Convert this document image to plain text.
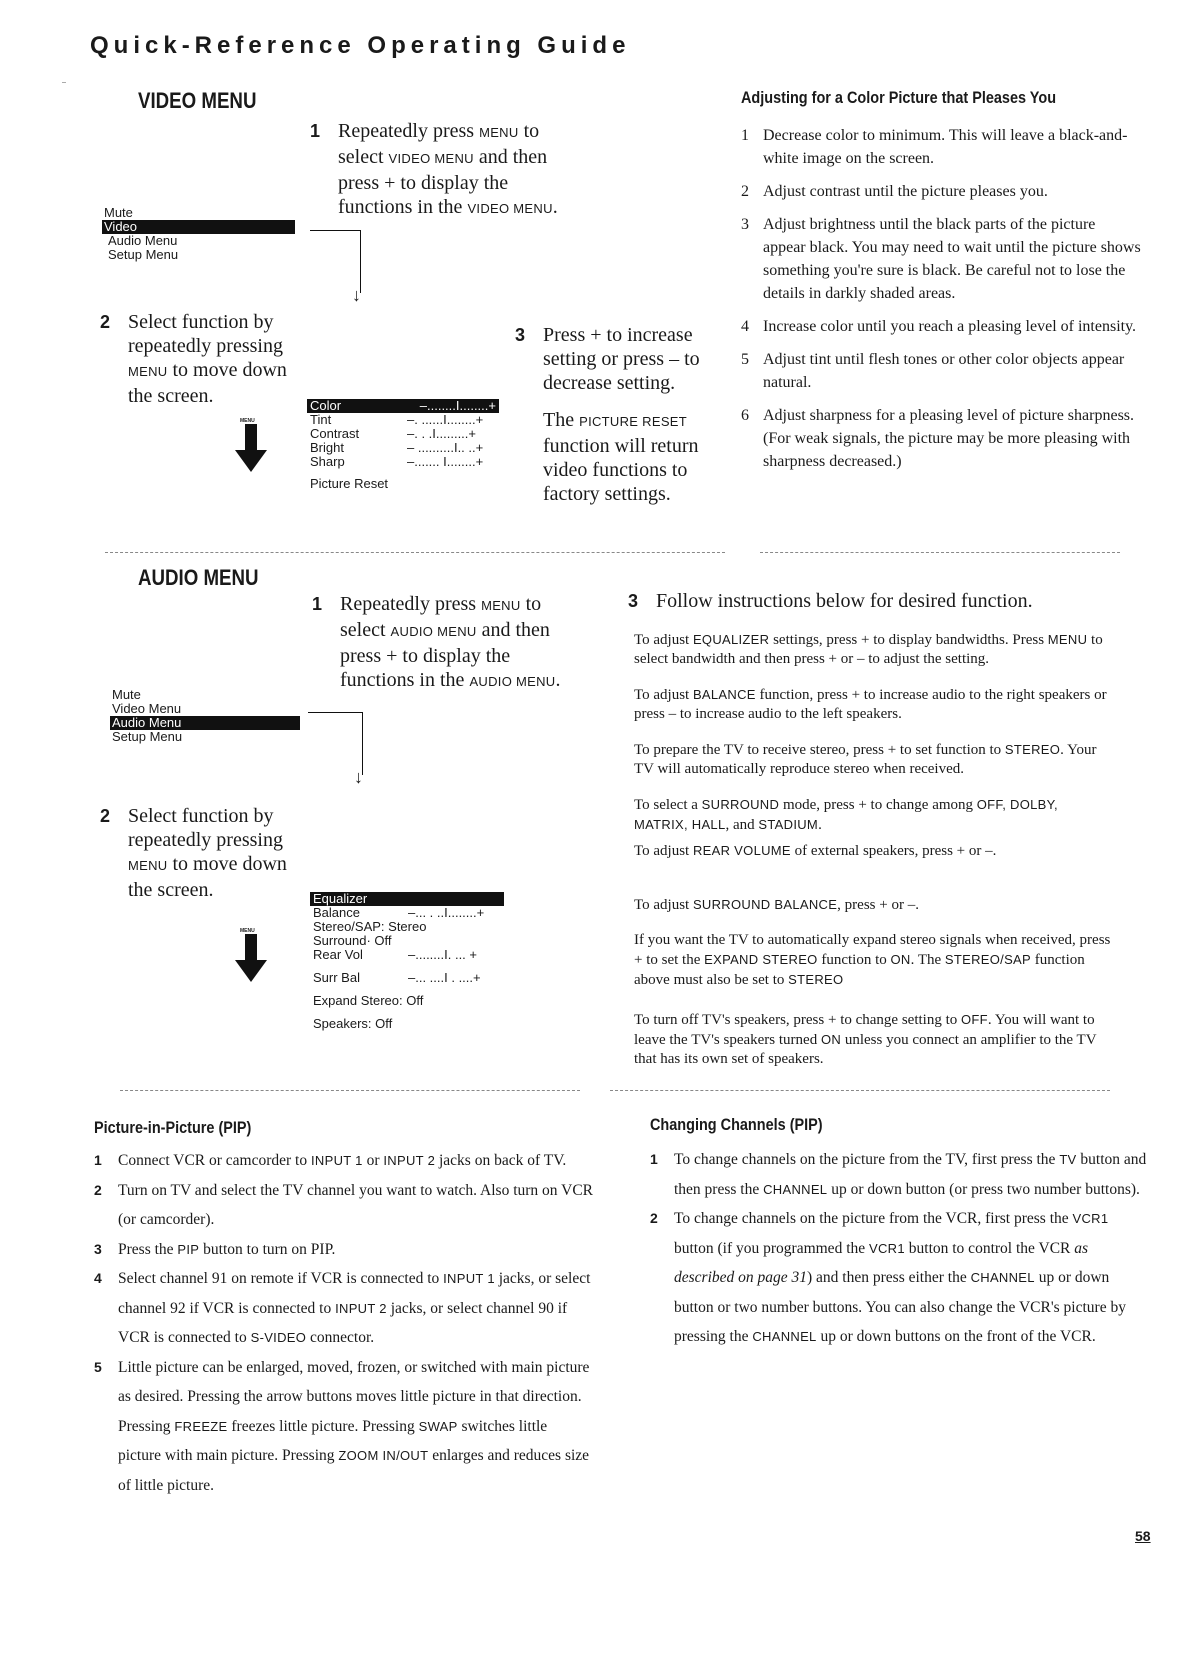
Quick-Reference Operating Guide
VIDEO MENU
1 Repeatedly press MENU to select VIDEO MENU and then press + to display the functions in the VIDEO MENU.
Mute
Video
Audio Menu
Setup Menu
↓
2 Select function by repeatedly pressing MENU to move down the screen.
MENU
Color	–........I........+
Tint	–. ......I........+
Contrast	–. . .I.........+
Bright	– ..........I.. ..+
Sharp	–....... I........+
Picture Reset
3 Press + to increase setting or press – to decrease setting.
The PICTURE RESET function will return video functions to factory settings.
Adjusting for a Color Picture that Pleases You
1 Decrease color to minimum. This will leave a black-and-white image on the screen.
2 Adjust contrast until the picture pleases you.
3 Adjust brightness until the black parts of the picture appear black. You may need to wait until the picture shows something you're sure is black. Be careful not to lose the details in darkly shaded areas.
4 Increase color until you reach a pleasing level of intensity.
5 Adjust tint until flesh tones or other color objects appear natural.
6 Adjust sharpness for a pleasing level of picture sharpness. (For weak signals, the picture may be more pleasing with sharpness decreased.)
AUDIO MENU
1 Repeatedly press MENU to select AUDIO MENU and then press + to display the functions in the AUDIO MENU.
Mute
Video Menu
Audio Menu
Setup Menu
↓
2 Select function by repeatedly pressing MENU to move down the screen.
MENU
Equalizer
Balance	–... . ..I........+
Stereo/SAP: Stereo
Surround· Off
Rear Vol	–........I. ... +
Surr Bal	–... ....I . ....+
Expand Stereo: Off
Speakers: Off
3 Follow instructions below for desired function.
To adjust EQUALIZER settings, press + to display bandwidths. Press MENU to select bandwidth and then press + or – to adjust the setting.
To adjust BALANCE function, press + to increase audio to the right speakers or press – to increase audio to the left speakers.
To prepare the TV to receive stereo, press + to set function to STEREO. Your TV will automatically reproduce stereo when received.
To select a SURROUND mode, press + to change among OFF, DOLBY, MATRIX, HALL, and STADIUM.
To adjust REAR VOLUME of external speakers, press + or –.
To adjust SURROUND BALANCE, press + or –.
If you want the TV to automatically expand stereo signals when received, press + to set the EXPAND STEREO function to ON. The STEREO/SAP function above must also be set to STEREO
To turn off TV's speakers, press + to change setting to OFF. You will want to leave the TV's speakers turned ON unless you connect an amplifier to the TV that has its own set of speakers.
Picture-in-Picture (PIP)
1 Connect VCR or camcorder to INPUT 1 or INPUT 2 jacks on back of TV.
2 Turn on TV and select the TV channel you want to watch. Also turn on VCR (or camcorder).
3 Press the PIP button to turn on PIP.
4 Select channel 91 on remote if VCR is connected to INPUT 1 jacks, or select channel 92 if VCR is connected to INPUT 2 jacks, or select channel 90 if VCR is connected to S-VIDEO connector.
5 Little picture can be enlarged, moved, frozen, or switched with main picture as desired. Pressing the arrow buttons moves little picture in that direction. Pressing FREEZE freezes little picture. Pressing SWAP switches little picture with main picture. Pressing ZOOM IN/OUT enlarges and reduces size of little picture.
Changing Channels (PIP)
1 To change channels on the picture from the TV, first press the TV button and then press the CHANNEL up or down button (or press two number buttons).
2 To change channels on the picture from the VCR, first press the VCR1 button (if you programmed the VCR1 button to control the VCR as described on page 31) and then press either the CHANNEL up or down button or two number buttons. You can also change the VCR's picture by pressing the CHANNEL up or down buttons on the front of the VCR.
58
